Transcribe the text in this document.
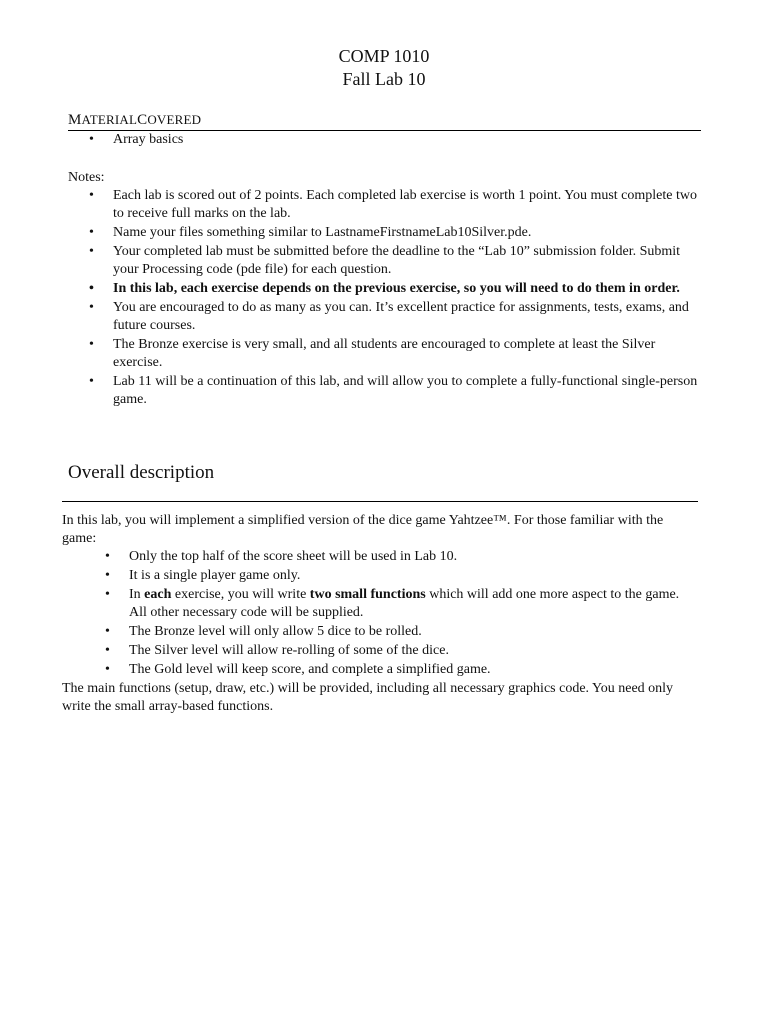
COMP 1010
Fall Lab 10
MATERIALCOVERED
• Array basics
Notes:
• Each lab is scored out of 2 points. Each completed lab exercise is worth 1 point. You must complete two to receive full marks on the lab.
• Name your files something similar to LastnameFirstnameLab10Silver.pde.
• Your completed lab must be submitted before the deadline to the “Lab 10” submission folder. Submit your Processing code (pde file) for each question.
• In this lab, each exercise depends on the previous exercise, so you will need to do them in order.
• You are encouraged to do as many as you can. It’s excellent practice for assignments, tests, exams, and future courses.
• The Bronze exercise is very small, and all students are encouraged to complete at least the Silver exercise.
• Lab 11 will be a continuation of this lab, and will allow you to complete a fully-functional single-person game.
Overall description

In this lab, you will implement a simplified version of the dice game Yahtzee™. For those familiar with the game:

• Only the top half of the score sheet will be used in Lab 10.
• It is a single player game only.
• In each exercise, you will write two small functions which will add one more aspect to the game. All other necessary code will be supplied.
• The Bronze level will only allow 5 dice to be rolled.
• The Silver level will allow re-rolling of some of the dice.
• The Gold level will keep score, and complete a simplified game.

The main functions (setup, draw, etc.) will be provided, including all necessary graphics code. You need only write the small array-based functions.
